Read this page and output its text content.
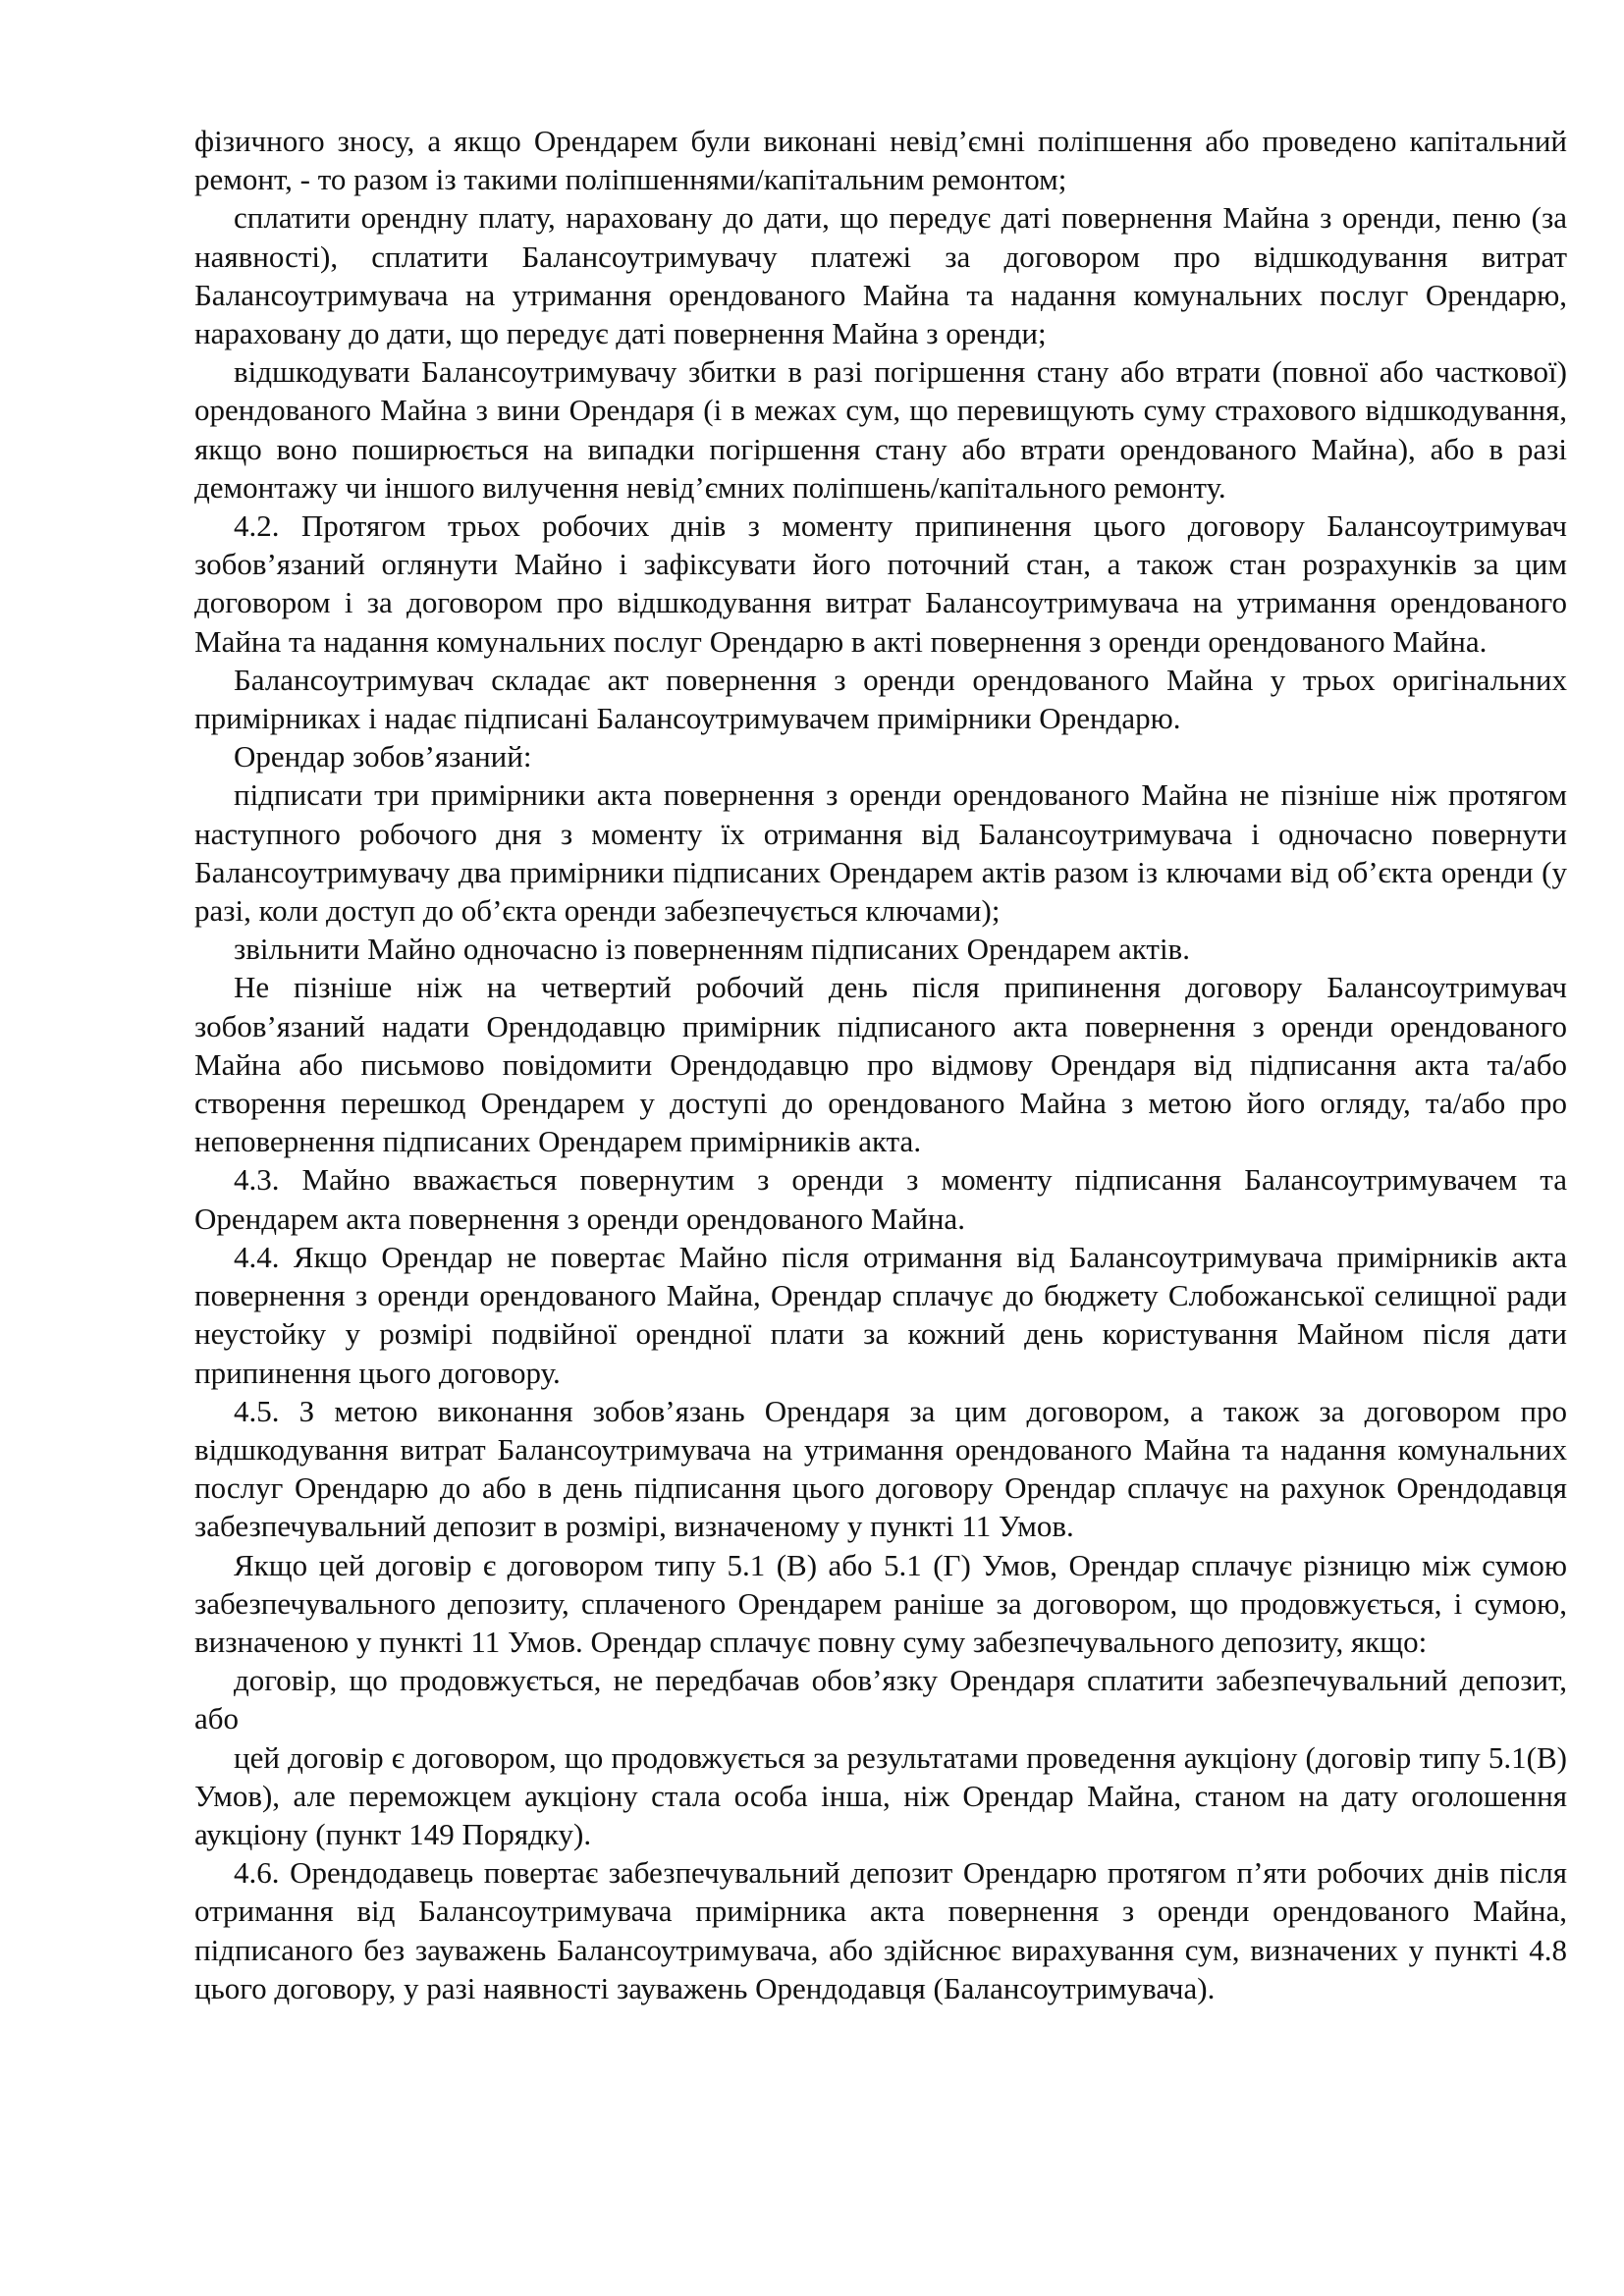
фізичного зносу, а якщо Орендарем були виконані невід’ємні поліпшення або проведено капітальний ремонт, - то разом із такими поліпшеннями/капітальним ремонтом;

сплатити орендну плату, нараховану до дати, що передує даті повернення Майна з оренди, пеню (за наявності), сплатити Балансоутримувачу платежі за договором про відшкодування витрат Балансоутримувача на утримання орендованого Майна та надання комунальних послуг Орендарю, нараховану до дати, що передує даті повернення Майна з оренди;

відшкодувати Балансоутримувачу збитки в разі погіршення стану або втрати (повної або часткової) орендованого Майна з вини Орендаря (і в межах сум, що перевищують суму страхового відшкодування, якщо воно поширюється на випадки погіршення стану або втрати орендованого Майна), або в разі демонтажу чи іншого вилучення невід’ємних поліпшень/капітального ремонту.

4.2. Протягом трьох робочих днів з моменту припинення цього договору Балансоутримувач зобов’язаний оглянути Майно і зафіксувати його поточний стан, а також стан розрахунків за цим договором і за договором про відшкодування витрат Балансоутримувача на утримання орендованого Майна та надання комунальних послуг Орендарю в акті повернення з оренди орендованого Майна.

Балансоутримувач складає акт повернення з оренди орендованого Майна у трьох оригінальних примірниках і надає підписані Балансоутримувачем примірники Орендарю.

Орендар зобов’язаний:

підписати три примірники акта повернення з оренди орендованого Майна не пізніше ніж протягом наступного робочого дня з моменту їх отримання від Балансоутримувача і одночасно повернути Балансоутримувачу два примірники підписаних Орендарем актів разом із ключами від об’єкта оренди (у разі, коли доступ до об’єкта оренди забезпечується ключами);

звільнити Майно одночасно із поверненням підписаних Орендарем актів.

Не пізніше ніж на четвертий робочий день після припинення договору Балансоутримувач зобов’язаний надати Орендодавцю примірник підписаного акта повернення з оренди орендованого Майна або письмово повідомити Орендодавцю про відмову Орендаря від підписання акта та/або створення перешкод Орендарем у доступі до орендованого Майна з метою його огляду, та/або про неповернення підписаних Орендарем примірників акта.

4.3. Майно вважається повернутим з оренди з моменту підписання Балансоутримувачем та Орендарем акта повернення з оренди орендованого Майна.

4.4. Якщо Орендар не повертає Майно після отримання від Балансоутримувача примірників акта повернення з оренди орендованого Майна, Орендар сплачує до бюджету Слобожанської селищної ради неустойку у розмірі подвійної орендної плати за кожний день користування Майном після дати припинення цього договору.

4.5. З метою виконання зобов’язань Орендаря за цим договором, а також за договором про відшкодування витрат Балансоутримувача на утримання орендованого Майна та надання комунальних послуг Орендарю до або в день підписання цього договору Орендар сплачує на рахунок Орендодавця забезпечувальний депозит в розмірі, визначеному у пункті 11 Умов.

Якщо цей договір є договором типу 5.1 (В) або 5.1 (Г) Умов, Орендар сплачує різницю між сумою забезпечувального депозиту, сплаченого Орендарем раніше за договором, що продовжується, і сумою, визначеною у пункті 11 Умов. Орендар сплачує повну суму забезпечувального депозиту, якщо:

договір, що продовжується, не передбачав обов’язку Орендаря сплатити забезпечувальний депозит, або

цей договір є договором, що продовжується за результатами проведення аукціону (договір типу 5.1(В) Умов), але переможцем аукціону стала особа інша, ніж Орендар Майна, станом на дату оголошення аукціону (пункт 149 Порядку).

4.6. Орендодавець повертає забезпечувальний депозит Орендарю протягом п’яти робочих днів після отримання від Балансоутримувача примірника акта повернення з оренди орендованого Майна, підписаного без зауважень Балансоутримувача, або здійснює вирахування сум, визначених у пункті 4.8 цього договору, у разі наявності зауважень Орендодавця (Балансоутримувача).
